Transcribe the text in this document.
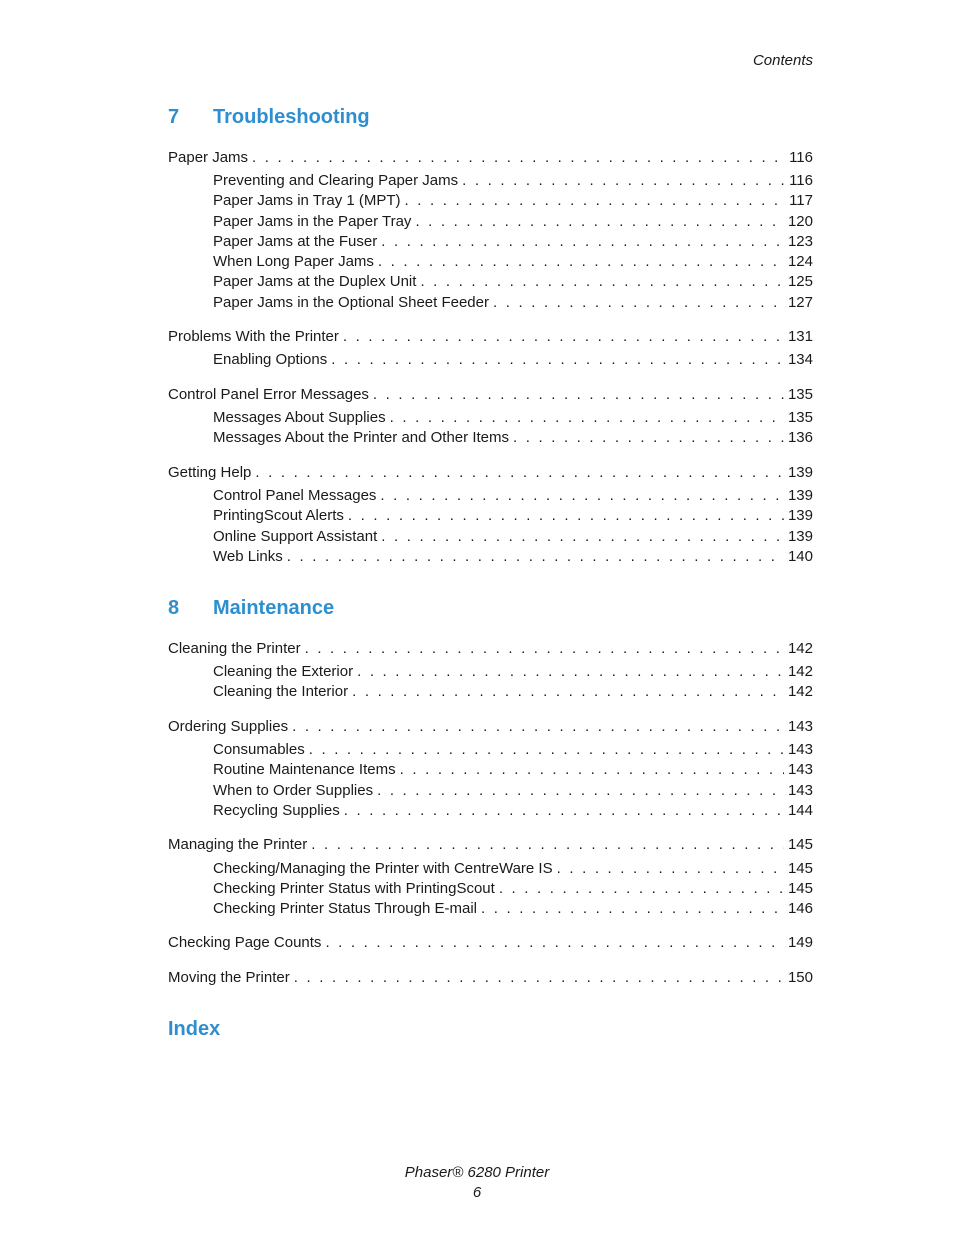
Contents
7 Troubleshooting
Paper Jams . . .	116
Preventing and Clearing Paper Jams . . .	116
Paper Jams in Tray 1 (MPT) . . .	117
Paper Jams in the Paper Tray . . .	120
Paper Jams at the Fuser . . .	123
When Long Paper Jams . . .	124
Paper Jams at the Duplex Unit . . .	125
Paper Jams in the Optional Sheet Feeder . . .	127
Problems With the Printer . . .	131
Enabling Options . . .	134
Control Panel Error Messages . . .	135
Messages About Supplies . . .	135
Messages About the Printer and Other Items . . .	136
Getting Help . . .	139
Control Panel Messages . . .	139
PrintingScout Alerts . . .	139
Online Support Assistant . . .	139
Web Links . . .	140
8 Maintenance
Cleaning the Printer . . .	142
Cleaning the Exterior . . .	142
Cleaning the Interior . . .	142
Ordering Supplies . . .	143
Consumables . . .	143
Routine Maintenance Items . . .	143
When to Order Supplies . . .	143
Recycling Supplies . . .	144
Managing the Printer . . .	145
Checking/Managing the Printer with CentreWare IS . . .	145
Checking Printer Status with PrintingScout . . .	145
Checking Printer Status Through E-mail . . .	146
Checking Page Counts . . .	149
Moving the Printer . . .	150
Index
Phaser® 6280 Printer
6
